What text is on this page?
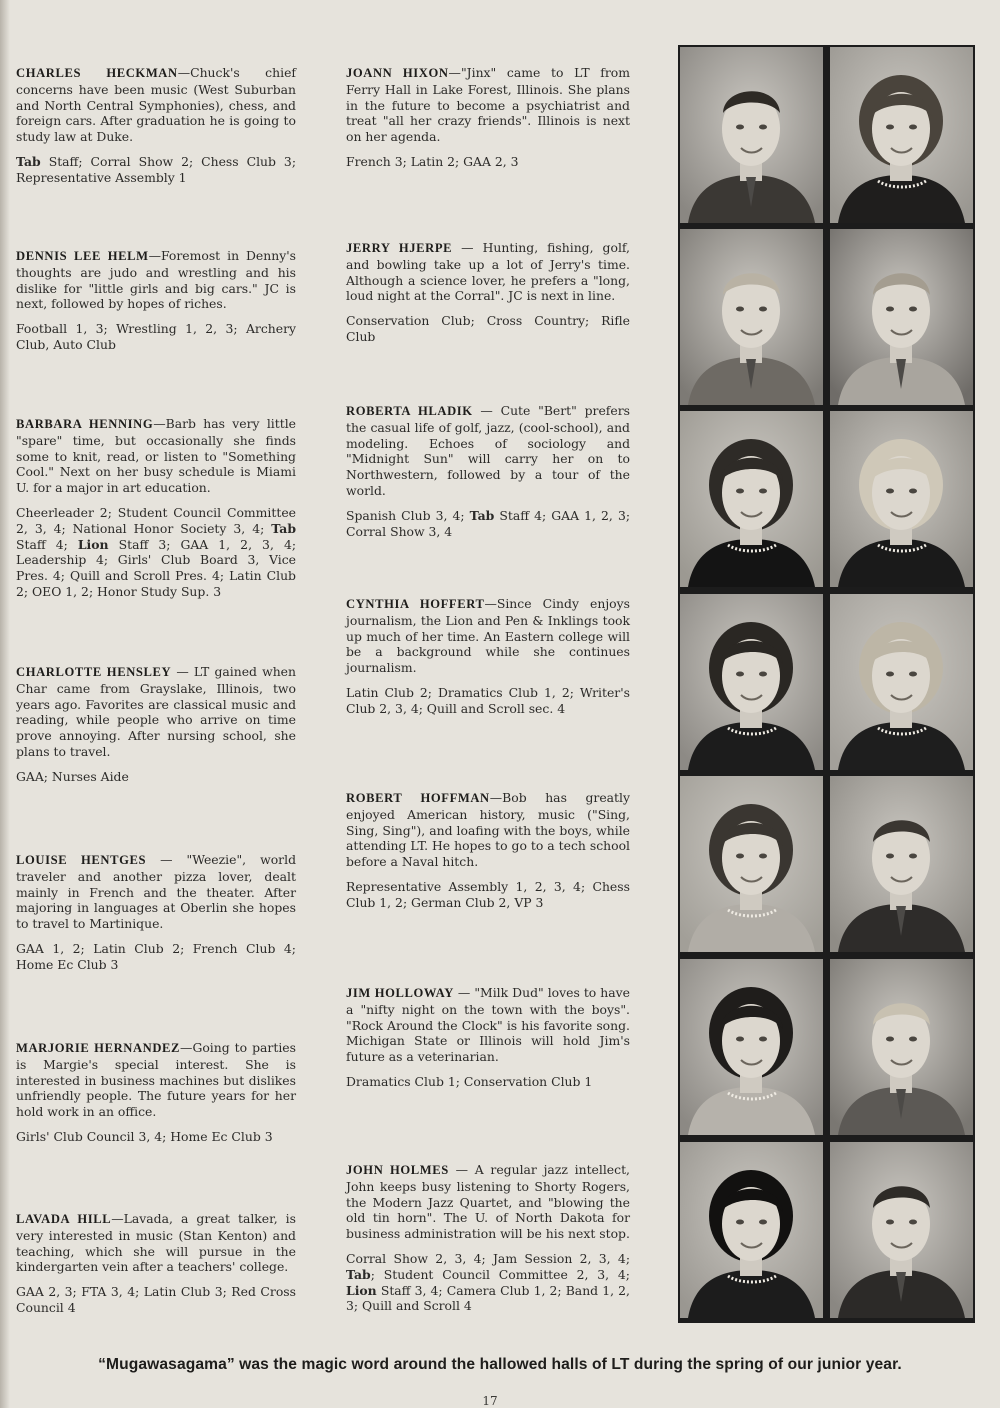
CHARLES HECKMAN—Chuck's chief concerns have been music (West Suburban and North Central Symphonies), chess, and foreign cars. After graduation he is going to study law at Duke.

Tab Staff; Corral Show 2; Chess Club 3; Representative Assembly 1

DENNIS LEE HELM—Foremost in Denny's thoughts are judo and wrestling and his dislike for "little girls and big cars." JC is next, followed by hopes of riches.

Football 1, 3; Wrestling 1, 2, 3; Archery Club, Auto Club

BARBARA HENNING—Barb has very little "spare" time, but occasionally she finds some to knit, read, or listen to "Something Cool." Next on her busy schedule is Miami U. for a major in art education.

Cheerleader 2; Student Council Committee 2, 3, 4; National Honor Society 3, 4; Tab Staff 4; Lion Staff 3; GAA 1, 2, 3, 4; Leadership 4; Girls' Club Board 3, Vice Pres. 4; Quill and Scroll Pres. 4; Latin Club 2; OEO 1, 2; Honor Study Sup. 3

CHARLOTTE HENSLEY — LT gained when Char came from Grayslake, Illinois, two years ago. Favorites are classical music and reading, while people who arrive on time prove annoying. After nursing school, she plans to travel.

GAA; Nurses Aide

LOUISE HENTGES — "Weezie", world traveler and another pizza lover, dealt mainly in French and the theater. After majoring in languages at Oberlin she hopes to travel to Martinique.

GAA 1, 2; Latin Club 2; French Club 4; Home Ec Club 3

MARJORIE HERNANDEZ—Going to parties is Margie's special interest. She is interested in business machines but dislikes unfriendly people. The future years for her hold work in an office.

Girls' Club Council 3, 4; Home Ec Club 3

LAVADA HILL—Lavada, a great talker, is very interested in music (Stan Kenton) and teaching, which she will pursue in the kindergarten vein after a teachers' college.

GAA 2, 3; FTA 3, 4; Latin Club 3; Red Cross Council 4

JOANN HIXON—"Jinx" came to LT from Ferry Hall in Lake Forest, Illinois. She plans in the future to become a psychiatrist and treat "all her crazy friends". Illinois is next on her agenda.

French 3; Latin 2; GAA 2, 3

JERRY HJERPE — Hunting, fishing, golf, and bowling take up a lot of Jerry's time. Although a science lover, he prefers a "long, loud night at the Corral". JC is next in line.

Conservation Club; Cross Country; Rifle Club

ROBERTA HLADIK — Cute "Bert" prefers the casual life of golf, jazz, (cool-school), and modeling. Echoes of sociology and "Midnight Sun" will carry her on to Northwestern, followed by a tour of the world.

Spanish Club 3, 4; Tab Staff 4; GAA 1, 2, 3; Corral Show 3, 4

CYNTHIA HOFFERT—Since Cindy enjoys journalism, the Lion and Pen & Inklings took up much of her time. An Eastern college will be a background while she continues journalism.

Latin Club 2; Dramatics Club 1, 2; Writer's Club 2, 3, 4; Quill and Scroll sec. 4

ROBERT HOFFMAN—Bob has greatly enjoyed American history, music ("Sing, Sing, Sing"), and loafing with the boys, while attending LT. He hopes to go to a tech school before a Naval hitch.

Representative Assembly 1, 2, 3, 4; Chess Club 1, 2; German Club 2, VP 3

JIM HOLLOWAY — "Milk Dud" loves to have a "nifty night on the town with the boys". "Rock Around the Clock" is his favorite song. Michigan State or Illinois will hold Jim's future as a veterinarian.

Dramatics Club 1; Conservation Club 1

JOHN HOLMES — A regular jazz intellect, John keeps busy listening to Shorty Rogers, the Modern Jazz Quartet, and "blowing the old tin horn". The U. of North Dakota for business administration will be his next stop.

Corral Show 2, 3, 4; Jam Session 2, 3, 4; Tab; Student Council Committee 2, 3, 4; Lion Staff 3, 4; Camera Club 1, 2; Band 1, 2, 3; Quill and Scroll 4

“Mugawasagama” was the magic word around the hallowed halls of LT during the spring of our junior year.
17
